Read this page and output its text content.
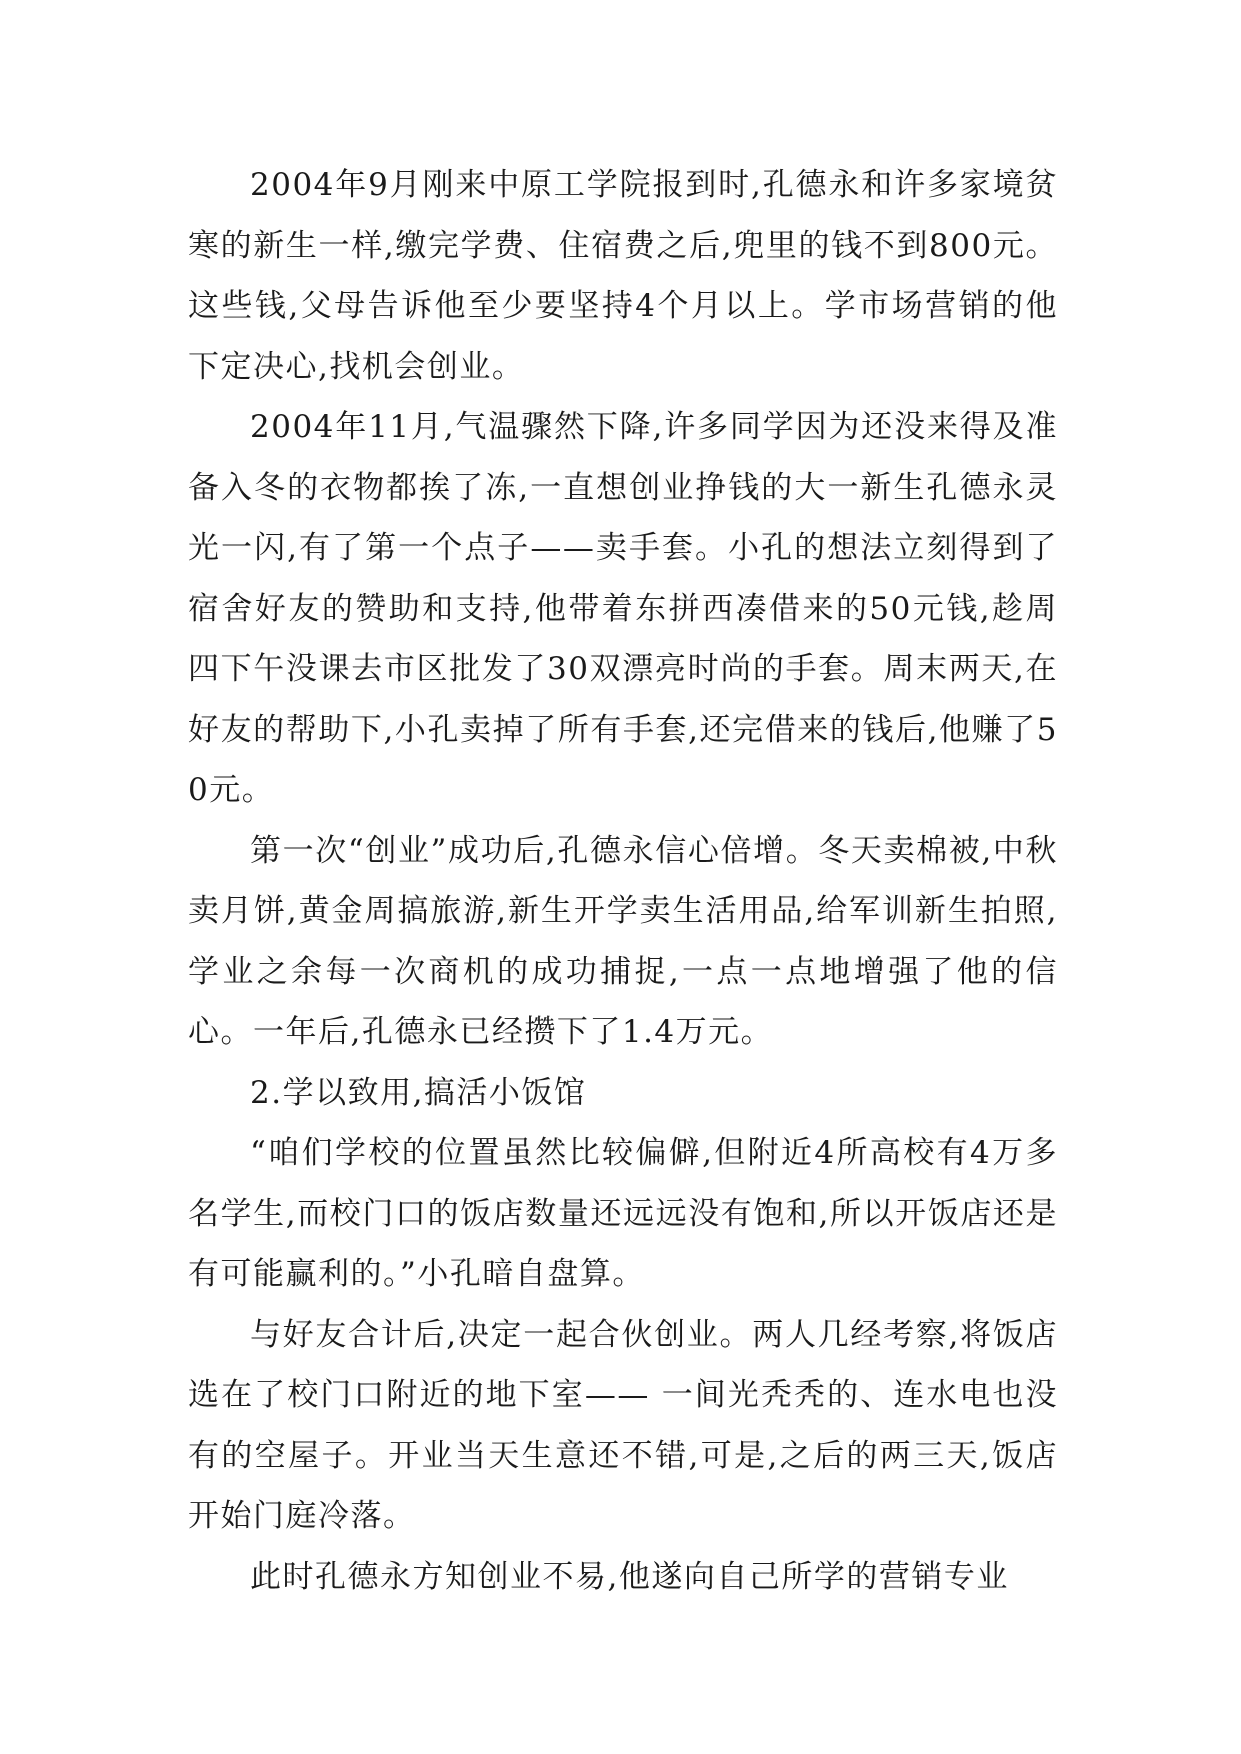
2004年9月刚来中原工学院报到时,孔德永和许多家境贫寒的新生一样,缴完学费、住宿费之后,兜里的钱不到800元。这些钱,父母告诉他至少要坚持4个月以上。学市场营销的他下定决心,找机会创业。

2004年11月,气温骤然下降,许多同学因为还没来得及准备入冬的衣物都挨了冻,一直想创业挣钱的大一新生孔德永灵光一闪,有了第一个点子——卖手套。小孔的想法立刻得到了宿舍好友的赞助和支持,他带着东拼西凑借来的50元钱,趁周四下午没课去市区批发了30双漂亮时尚的手套。周末两天,在好友的帮助下,小孔卖掉了所有手套,还完借来的钱后,他赚了50元。

第一次“创业”成功后,孔德永信心倍增。冬天卖棉被,中秋卖月饼,黄金周搞旅游,新生开学卖生活用品,给军训新生拍照,学业之余每一次商机的成功捕捉,一点一点地增强了他的信心。一年后,孔德永已经攒下了1.4万元。

2.学以致用,搞活小饭馆

“咱们学校的位置虽然比较偏僻,但附近4所高校有4万多名学生,而校门口的饭店数量还远远没有饱和,所以开饭店还是有可能赢利的。”小孔暗自盘算。

与好友合计后,决定一起合伙创业。两人几经考察,将饭店选在了校门口附近的地下室—— 一间光秃秃的、连水电也没有的空屋子。开业当天生意还不错,可是,之后的两三天,饭店开始门庭冷落。

此时孔德永方知创业不易,他遂向自己所学的营销专业
